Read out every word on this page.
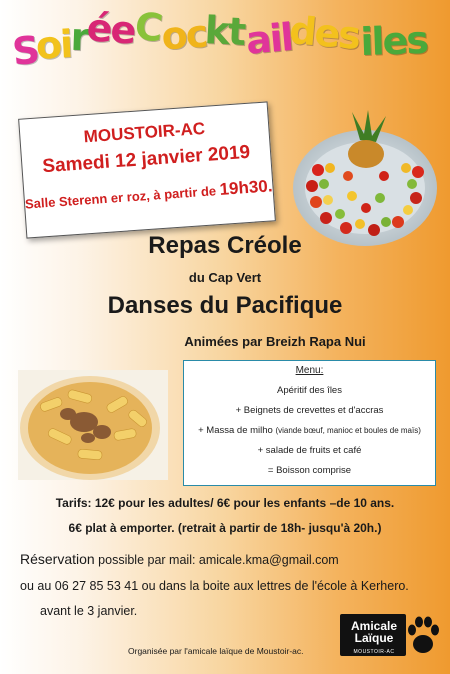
SoiréeCocktaildesiles
MOUSTOIR-AC
Samedi 12 janvier 2019
Salle Sterenn er roz, à partir de 19h30.
Repas Créole
du Cap Vert
Danses du Pacifique
Animées par Breizh Rapa Nui
Menu:
Apéritif des îles
+ Beignets de crevettes et d'accras
+ Massa de milho (viande bœuf, manioc et boules de maïs)
+ salade de fruits et café
= Boisson comprise
Tarifs: 12€ pour les adultes/ 6€ pour les enfants –de 10 ans.
6€ plat à emporter. (retrait à partir de 18h- jusqu'à 20h.)
Réservation possible par mail: amicale.kma@gmail.com
ou au 06 27 85 53 41 ou dans la boite aux lettres de l'école à Kerhero.
avant le 3 janvier.
Organisée par l'amicale laïque de Moustoir-ac.
Amicale
Laïque
MOUSTOIR-AC
